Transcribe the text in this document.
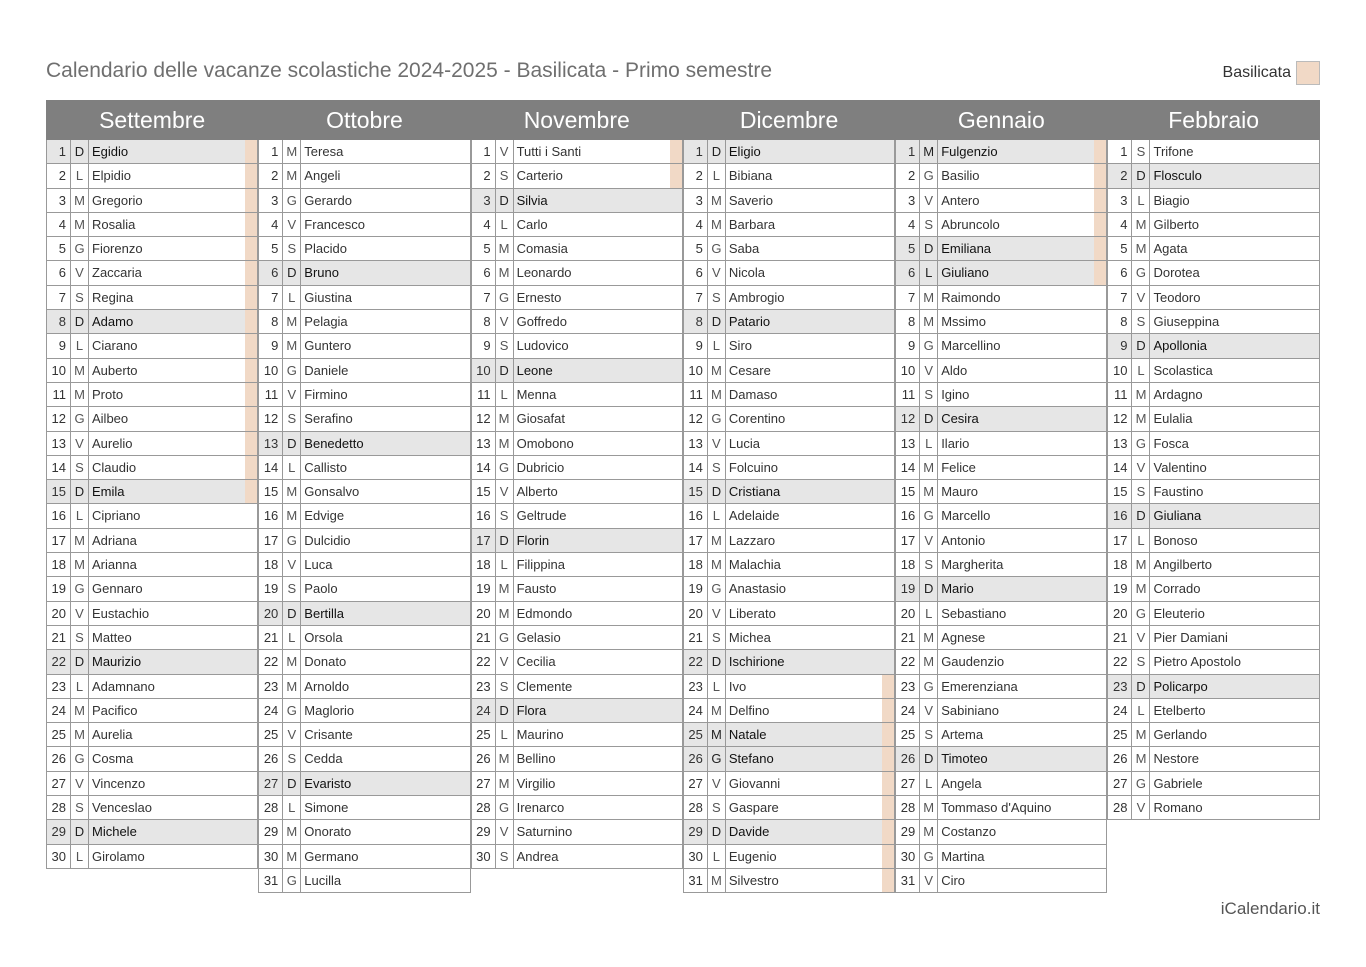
Calendario delle vacanze scolastiche 2024-2025 - Basilicata - Primo semestre	Basilicata
Settembre
1 D Egidio
2 L Elpidio
3 M Gregorio
4 M Rosalia
5 G Fiorenzo
6 V Zaccaria
7 S Regina
8 D Adamo
9 L Ciarano
10 M Auberto
11 M Proto
12 G Ailbeo
13 V Aurelio
14 S Claudio
15 D Emila
16 L Cipriano
17 M Adriana
18 M Arianna
19 G Gennaro
20 V Eustachio
21 S Matteo
22 D Maurizio
23 L Adamnano
24 M Pacifico
25 M Aurelia
26 G Cosma
27 V Vincenzo
28 S Venceslao
29 D Michele
30 L Girolamo
Ottobre
1 M Teresa
2 M Angeli
3 G Gerardo
4 V Francesco
5 S Placido
6 D Bruno
7 L Giustina
8 M Pelagia
9 M Guntero
10 G Daniele
11 V Firmino
12 S Serafino
13 D Benedetto
14 L Callisto
15 M Gonsalvo
16 M Edvige
17 G Dulcidio
18 V Luca
19 S Paolo
20 D Bertilla
21 L Orsola
22 M Donato
23 M Arnoldo
24 G Maglorio
25 V Crisante
26 S Cedda
27 D Evaristo
28 L Simone
29 M Onorato
30 M Germano
31 G Lucilla
Novembre
1 V Tutti i Santi
2 S Carterio
3 D Silvia
4 L Carlo
5 M Comasia
6 M Leonardo
7 G Ernesto
8 V Goffredo
9 S Ludovico
10 D Leone
11 L Menna
12 M Giosafat
13 M Omobono
14 G Dubricio
15 V Alberto
16 S Geltrude
17 D Florin
18 L Filippina
19 M Fausto
20 M Edmondo
21 G Gelasio
22 V Cecilia
23 S Clemente
24 D Flora
25 L Maurino
26 M Bellino
27 M Virgilio
28 G Irenarco
29 V Saturnino
30 S Andrea
Dicembre
1 D Eligio
2 L Bibiana
3 M Saverio
4 M Barbara
5 G Saba
6 V Nicola
7 S Ambrogio
8 D Patario
9 L Siro
10 M Cesare
11 M Damaso
12 G Corentino
13 V Lucia
14 S Folcuino
15 D Cristiana
16 L Adelaide
17 M Lazzaro
18 M Malachia
19 G Anastasio
20 V Liberato
21 S Michea
22 D Ischirione
23 L Ivo
24 M Delfino
25 M Natale
26 G Stefano
27 V Giovanni
28 S Gaspare
29 D Davide
30 L Eugenio
31 M Silvestro
Gennaio
1 M Fulgenzio
2 G Basilio
3 V Antero
4 S Abruncolo
5 D Emiliana
6 L Giuliano
7 M Raimondo
8 M Mssimo
9 G Marcellino
10 V Aldo
11 S Igino
12 D Cesira
13 L Ilario
14 M Felice
15 M Mauro
16 G Marcello
17 V Antonio
18 S Margherita
19 D Mario
20 L Sebastiano
21 M Agnese
22 M Gaudenzio
23 G Emerenziana
24 V Sabiniano
25 S Artema
26 D Timoteo
27 L Angela
28 M Tommaso d'Aquino
29 M Costanzo
30 G Martina
31 V Ciro
Febbraio
1 S Trifone
2 D Flosculo
3 L Biagio
4 M Gilberto
5 M Agata
6 G Dorotea
7 V Teodoro
8 S Giuseppina
9 D Apollonia
10 L Scolastica
11 M Ardagno
12 M Eulalia
13 G Fosca
14 V Valentino
15 S Faustino
16 D Giuliana
17 L Bonoso
18 M Angilberto
19 M Corrado
20 G Eleuterio
21 V Pier Damiani
22 S Pietro Apostolo
23 D Policarpo
24 L Etelberto
25 M Gerlando
26 M Nestore
27 G Gabriele
28 V Romano
iCalendario.it
